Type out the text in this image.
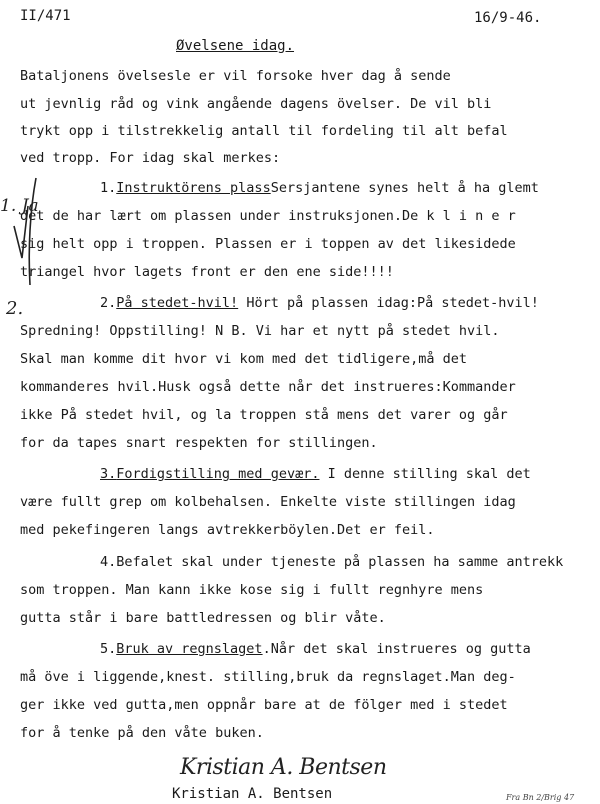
II/471	16/9-46.
Øvelsene idag.
Bataljonens övelsesle er vil forsoke hver dag å sende
ut jevnlig råd og vink angående dagens övelser. De vil bli
trykt opp i tilstrekkelig antall til fordeling til alt befal
ved tropp. For idag skal merkes:
1.Instruktörens plassSersjantene synes helt å ha glemt
det de har lært om plassen under instruksjonen.De k l i n e r
sig helt opp i troppen. Plassen er i toppen av det likesidede
triangel hvor lagets front er den ene side!!!!
2.På stedet-hvil! Hört på plassen idag:På stedet-hvil!
Spredning! Oppstilling! N B. Vi har et nytt på stedet hvil.
Skal man komme dit hvor vi kom med det tidligere,må det
kommanderes hvil.Husk også dette når det instrueres:Kommander
ikke På stedet hvil, og la troppen stå mens det varer og går
for da tapes snart respekten for stillingen.
3.Fordigstilling med gevær. I denne stilling skal det
være fullt grep om kolbehalsen. Enkelte viste stillingen idag
med pekefingeren langs avtrekkerböylen.Det er feil.
4.Befalet skal under tjeneste på plassen ha samme antrekk
som troppen. Man kann ikke kose sig i fullt regnhyre mens
gutta står i bare battledressen og blir våte.
5.Bruk av regnslaget.Når det skal instrueres og gutta
må öve i liggende,knest. stilling,bruk da regnslaget.Man deg-
ger ikke ved gutta,men oppnår bare at de fölger med i stedet
for å tenke på den våte buken.
1. Ja
2.
Kristian A. Bentsen
Kristian A. Bentsen	Fra Bn 2/Brig 47
